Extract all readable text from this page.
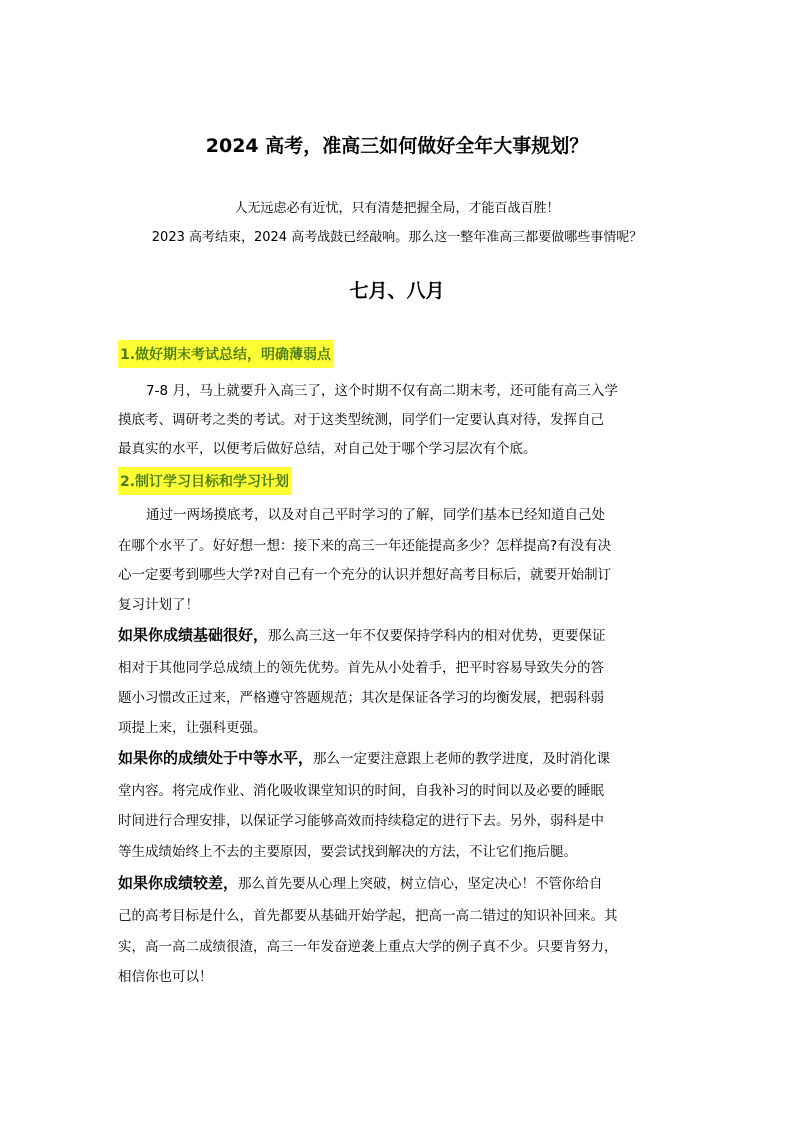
2024 高考，准高三如何做好全年大事规划？

人无远虑必有近忧，只有清楚把握全局，才能百战百胜！

2023 高考结束，2024 高考战鼓已经敲响。那么这一整年准高三都要做哪些事情呢？

七月、八月

1.做好期末考试总结，明确薄弱点

7-8 月，马上就要升入高三了，这个时期不仅有高二期末考，还可能有高三入学

摸底考、调研考之类的考试。对于这类型统测，同学们一定要认真对待，发挥自己

最真实的水平，以便考后做好总结，对自己处于哪个学习层次有个底。

2.制订学习目标和学习计划

通过一两场摸底考，以及对自己平时学习的了解，同学们基本已经知道自己处

在哪个水平了。好好想一想：接下来的高三一年还能提高多少？怎样提高?有没有决

心一定要考到哪些大学?对自己有一个充分的认识并想好高考目标后，就要开始制订

复习计划了！

如果你成绩基础很好，那么高三这一年不仅要保持学科内的相对优势，更要保证

相对于其他同学总成绩上的领先优势。首先从小处着手，把平时容易导致失分的答

题小习惯改正过来，严格遵守答题规范；其次是保证各学习的均衡发展，把弱科弱

项提上来，让强科更强。

如果你的成绩处于中等水平，那么一定要注意跟上老师的教学进度，及时消化课

堂内容。将完成作业、消化吸收课堂知识的时间，自我补习的时间以及必要的睡眠

时间进行合理安排，以保证学习能够高效而持续稳定的进行下去。另外，弱科是中

等生成绩始终上不去的主要原因，要尝试找到解决的方法，不让它们拖后腿。

如果你成绩较差，那么首先要从心理上突破，树立信心，坚定决心！不管你给自

己的高考目标是什么，首先都要从基础开始学起，把高一高二错过的知识补回来。其

实，高一高二成绩很渣，高三一年发奋逆袭上重点大学的例子真不少。只要肯努力，

相信你也可以！
